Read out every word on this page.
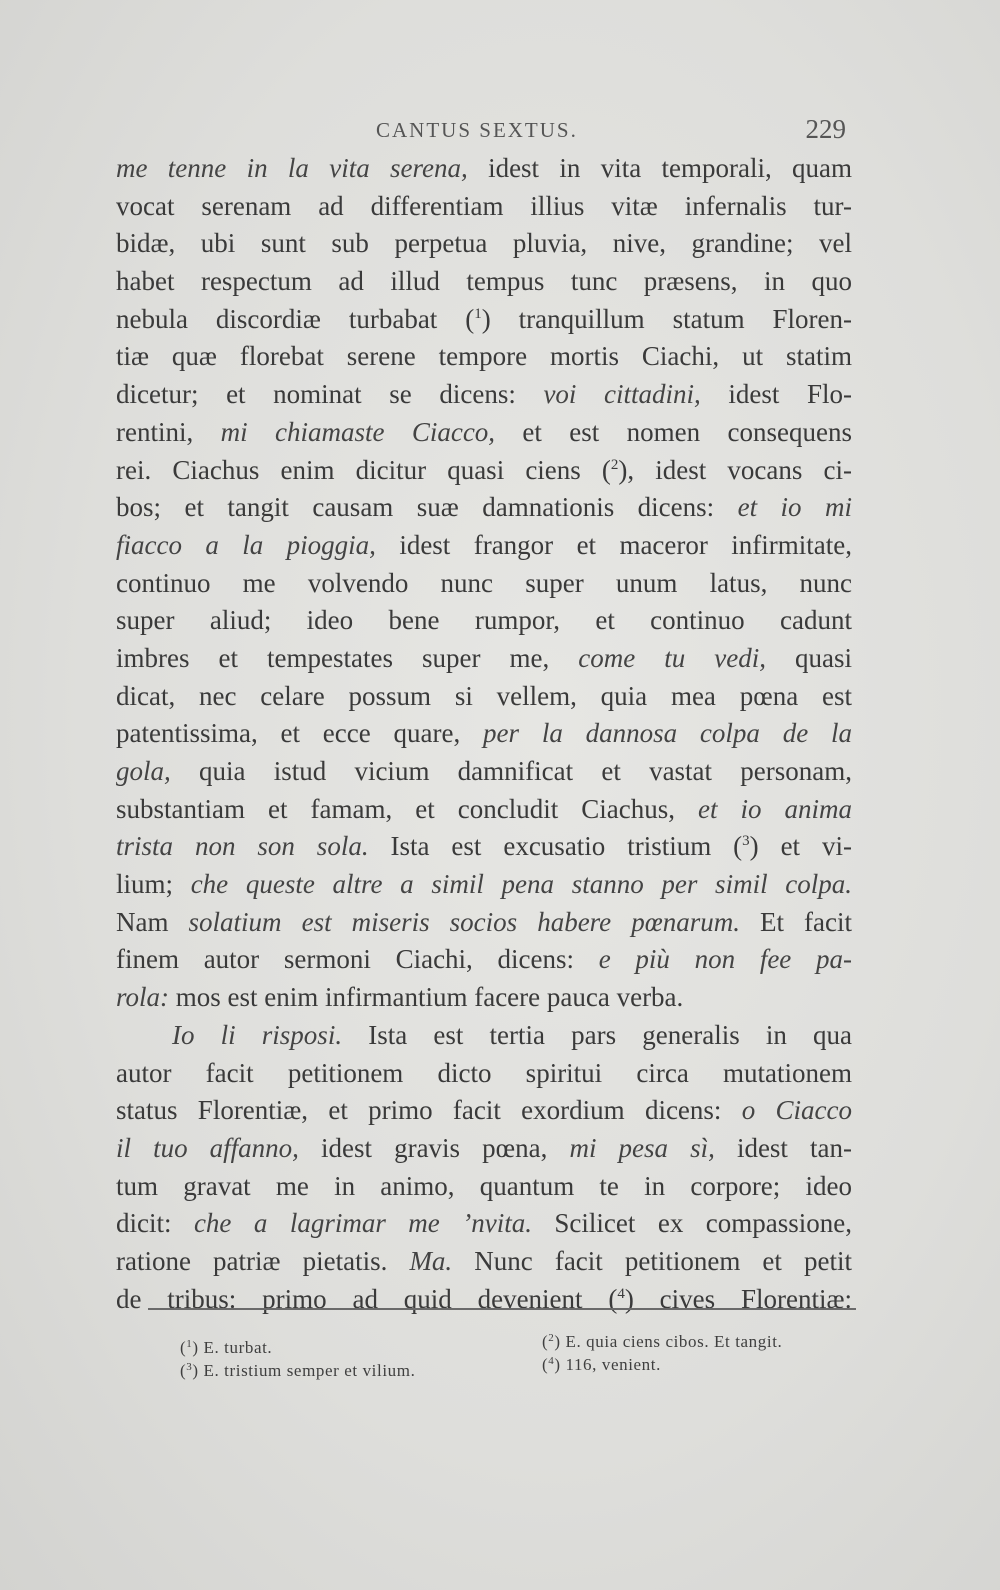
CANTUS SEXTUS.	229
me tenne in la vita serena, idest in vita temporali, quam
vocat serenam ad differentiam illius vitæ infernalis tur-
bidæ, ubi sunt sub perpetua pluvia, nive, grandine; vel
habet respectum ad illud tempus tunc præsens, in quo
nebula discordiæ turbabat ($^1$) tranquillum statum Floren-
tiæ quæ florebat serene tempore mortis Ciachi, ut statim
dicetur; et nominat se dicens: voi cittadini, idest Flo-
rentini, mi chiamaste Ciacco, et est nomen consequens
rei. Ciachus enim dicitur quasi ciens ($^2$), idest vocans ci-
bos; et tangit causam suæ damnationis dicens: et io mi
fiacco a la pioggia, idest frangor et maceror infirmitate,
continuo me volvendo nunc super unum latus, nunc
super aliud; ideo bene rumpor, et continuo cadunt
imbres et tempestates super me, come tu vedi, quasi
dicat, nec celare possum si vellem, quia mea pœna est
patentissima, et ecce quare, per la dannosa colpa de la
gola, quia istud vicium damnificat et vastat personam,
substantiam et famam, et concludit Ciachus, et io anima
trista non son sola. Ista est excusatio tristium ($^3$) et vi-
lium; che queste altre a simil pena stanno per simil colpa.
Nam solatium est miseris socios habere pœnarum. Et facit
finem autor sermoni Ciachi, dicens: e più non fee pa-
rola: mos est enim infirmantium facere pauca verba.
Io li risposi. Ista est tertia pars generalis in qua
autor facit petitionem dicto spiritui circa mutationem
status Florentiæ, et primo facit exordium dicens: o Ciacco
il tuo affanno, idest gravis pœna, mi pesa sì, idest tan-
tum gravat me in animo, quantum te in corpore; ideo
dicit: che a lagrimar me ’nvita. Scilicet ex compassione,
ratione patriæ pietatis. Ma. Nunc facit petitionem et petit
de tribus: primo ad quid devenient ($^4$) cives Florentiæ:
($^1$) E. turbat.	($^2$) E. quia ciens cibos. Et tangit.
($^3$) E. tristium semper et vilium.	($^4$) 116, venient.
